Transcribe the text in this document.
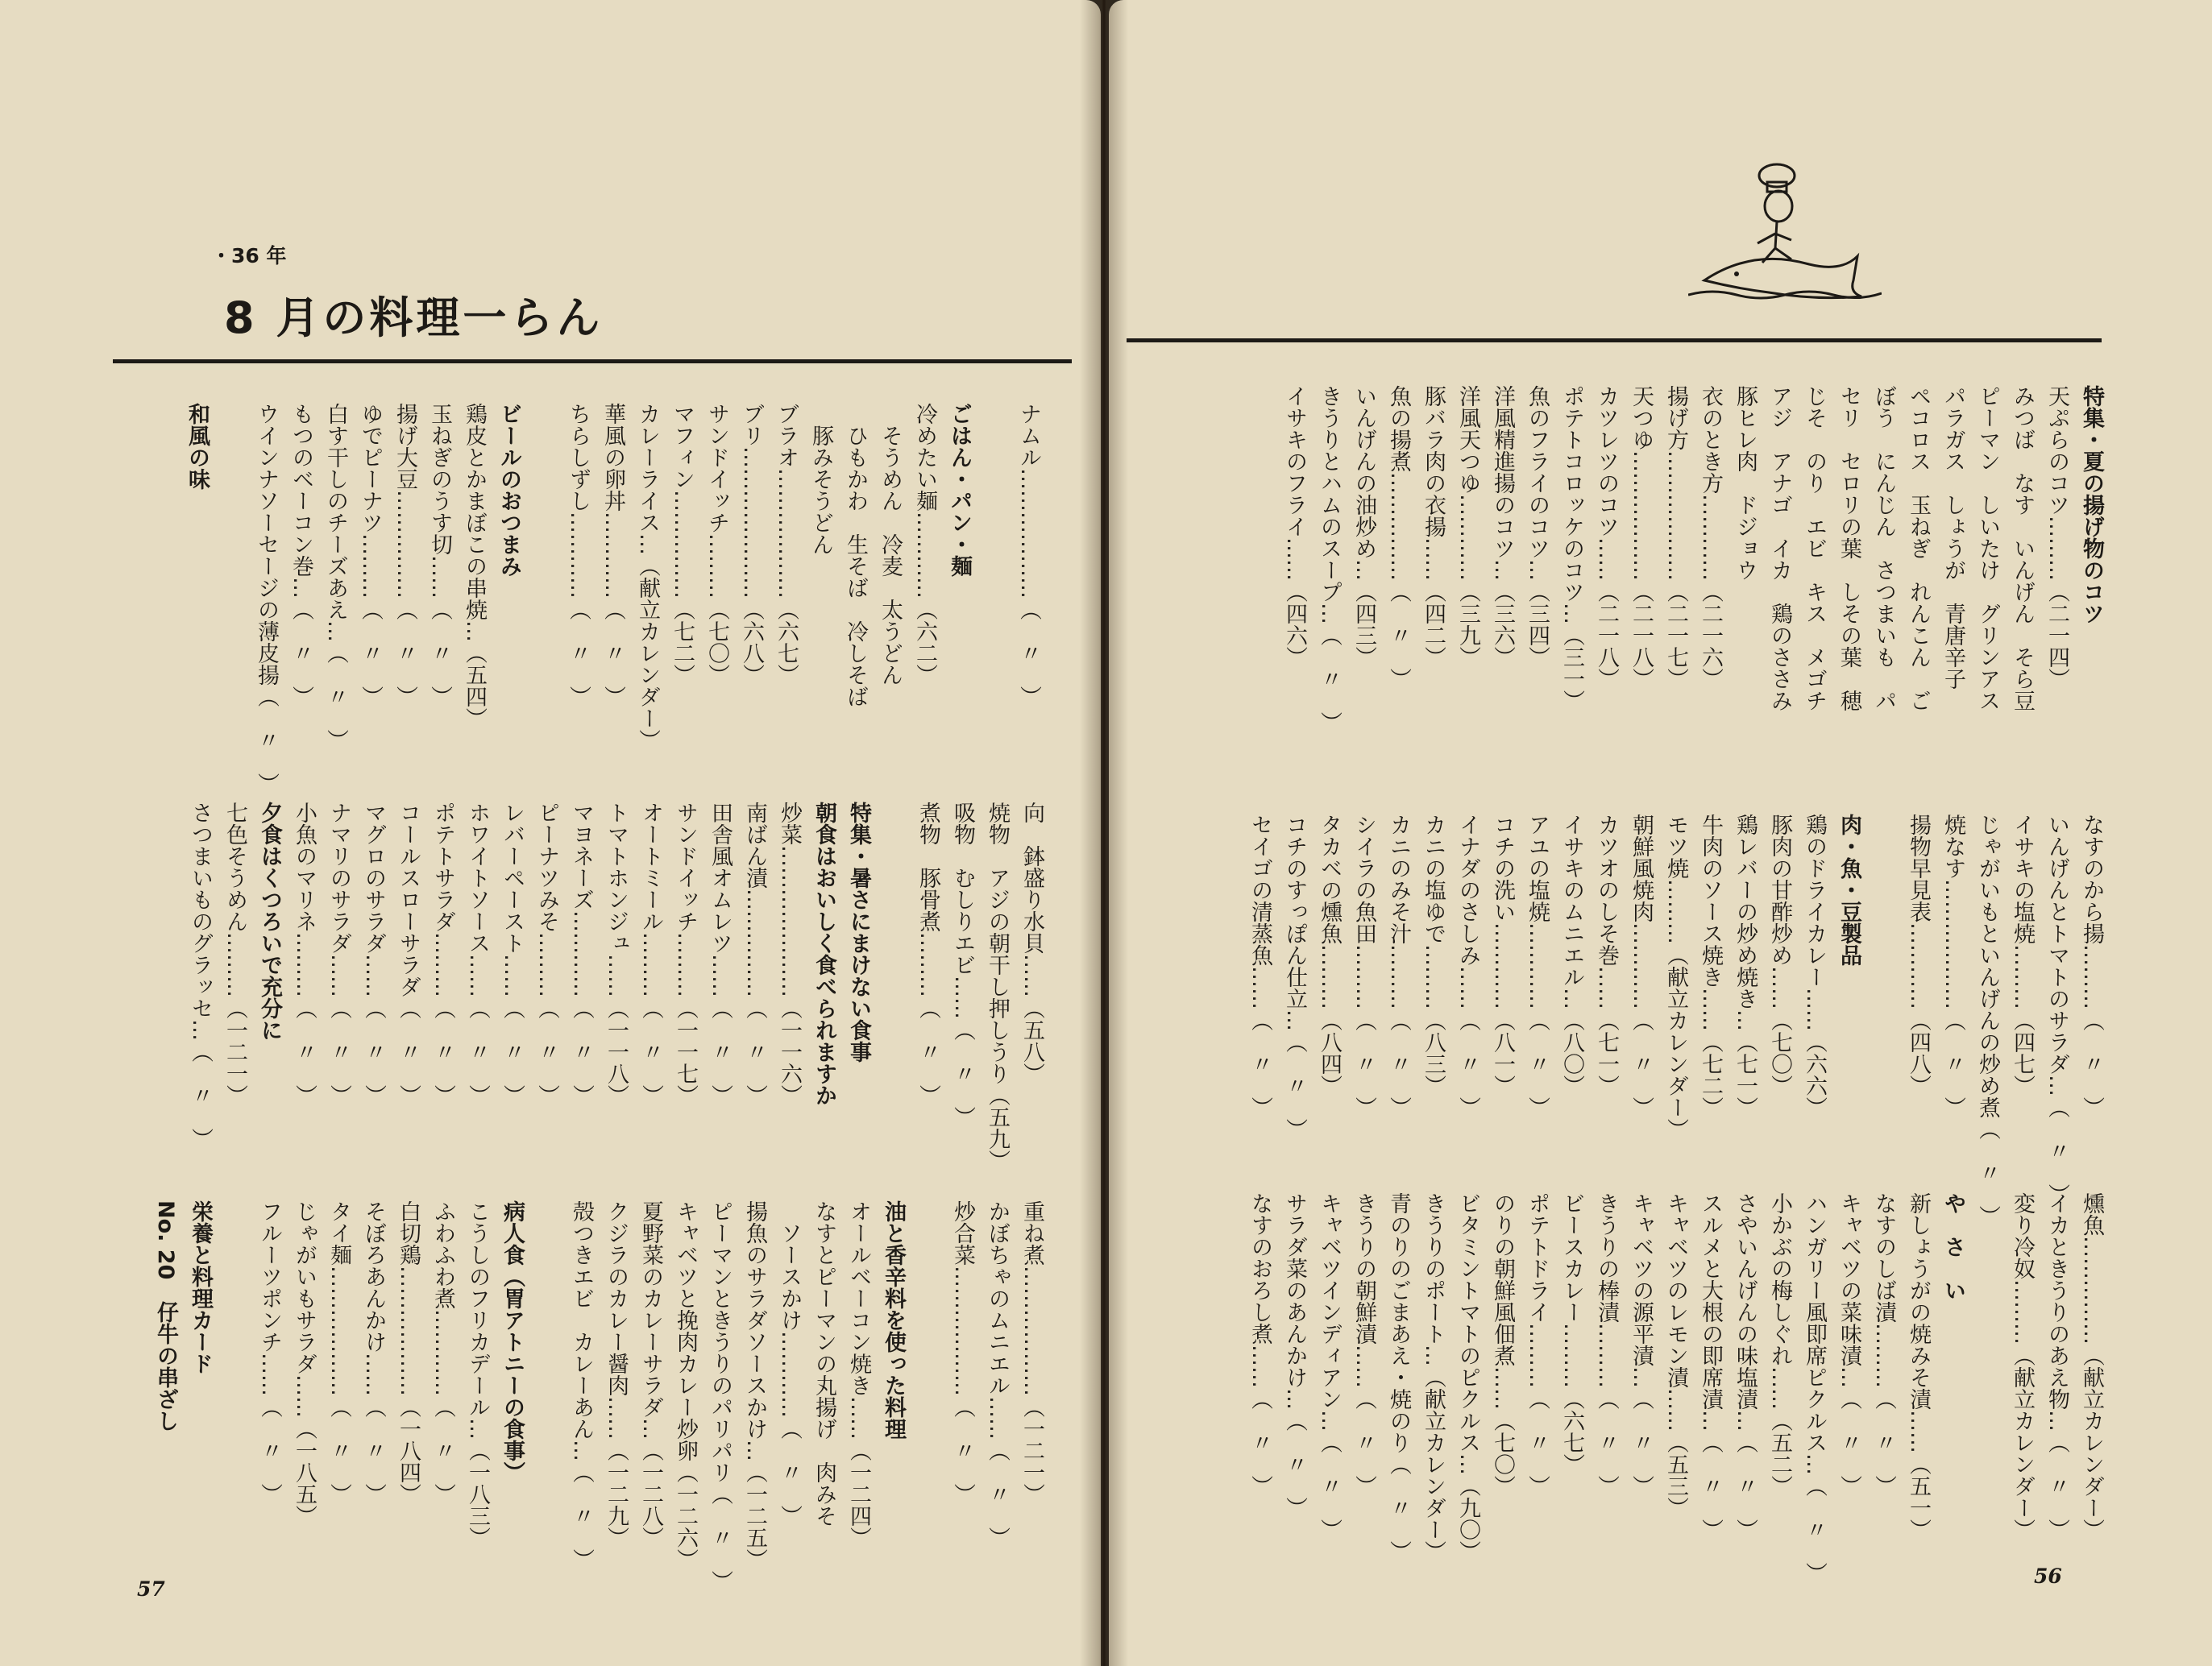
・36 年
8 月の料理一らん
ナムル………………（　〃　）

ごはん・パン・麺
冷めたい麺…………（六二）
　そうめん　冷麦　太うどん
　ひもかわ　生そば　冷しそば
　豚みそうどん
ブラオ………………（六七）
ブリ…………………（六八）
サンドイッチ………（七〇）
マフィン……………（七二）
カレーライス…（献立カレンダー）
華風の卵丼…………（　〃　）
ちらしずし…………（　〃　）

ビールのおつまみ
鶏皮とかまぼこの串焼…（五四）
玉ねぎのうす切……（　〃　）
揚げ大豆……………（　〃　）
ゆでピーナツ………（　〃　）
白す干しのチーズあえ…（　〃　）
もつのベーコン巻…（　〃　）
ウインナソーセージの薄皮揚（　〃　）

和風の味
向　鉢盛り水貝……（五八）
焼物　アジの朝干し押しうり（五九）
吸物　むしりエビ……（　〃　）
煮物　豚骨煮………（　〃　）

特集・暑さにまけない食事
朝食はおいしく食べられますか
炒菜…………………（一一六）
南ばん漬……………（　〃　）
田舎風オムレツ……（　〃　）
サンドイッチ………（一一七）
オートミール………（　〃　）
トマトホンジュ……（一一八）
マヨネーズ…………（　〃　）
ピーナツみそ………（　〃　）
レバーペースト……（　〃　）
ホワイトソース……（　〃　）
ポテトサラダ………（　〃　）
コールスローサラダ（　〃　）
マグロのサラダ……（　〃　）
ナマリのサラダ……（　〃　）
小魚のマリネ………（　〃　）
夕食はくつろいで充分に
七色そうめん………（一二一）
さつまいものグラッセ…（　〃　）
重ね煮………………（一二一）
かぼちゃのムニエル……（　〃　）
炒合菜………………（　〃　）

油と香辛料を使った料理
オールベーコン焼き……（一二四）
なすとピーマンの丸揚げ　肉みそ
　ソースかけ…………（　〃　）
揚魚のサラダソースかけ…（一二五）
ピーマンときうりのパリパリ（　〃　）
キャベツと挽肉カレー炒卵（一二六）
夏野菜のカレーサラダ…（一二八）
クジラのカレー醤肉……（一二九）
殻つきエビ　カレーあん…（　〃　）

病人食（胃アトニーの食事）
こうしのフリカデール…（一八三）
ふわふわ煮…………（　〃　）
白切鶏………………（一八四）
そぼろあんかけ……（　〃　）
タイ麺………………（　〃　）
じゃがいもサラダ……（一八五）
フルーツポンチ……（　〃　）

栄養と料理カード
No. 20　仔牛の串ざし
57
特集・夏の揚げ物のコツ
天ぷらのコツ………（二一四）
みつば　なす　いんげん　そら豆
ピーマン　しいたけ　グリンアス
パラガス　しょうが　青唐辛子
ペコロス　玉ねぎ　れんこん　ご
ぼう　にんじん　さつまいも　パ
セリ　セロリの葉　しその葉　穂
じそ　のり　エビ　キス　メゴチ
アジ　アナゴ　イカ　鶏のささみ
豚ヒレ肉　ドジョウ
衣のとき方…………（二一六）
揚げ方………………（二一七）
天つゆ………………（二一八）
カツレツのコツ……（二一八）
ポテトコロッケのコツ…（三一）
魚のフライのコツ…（三四）
洋風精進揚のコツ…（三六）
洋風天つゆ…………（三九）
豚バラ肉の衣揚……（四二）
魚の揚煮……………（　〃　）
いんげんの油炒め…（四三）
きうりとハムのスープ…（　〃　）
イサキのフライ……（四六）
なすのから揚………（　〃　）
いんげんとトマトのサラダ…（　〃　）
イサキの塩焼………（四七）
じゃがいもといんげんの炒め煮（　〃　）
焼なす………………（　〃　）
揚物早見表…………（四八）

肉・魚・豆製品
鶏のドライカレー……（六六）
豚肉の甘酢炒め……（七〇）
鶏レバーの炒め焼き…（七一）
牛肉のソース焼き……（七二）
モツ焼………（献立カレンダー）
朝鮮風焼肉…………（　〃　）
カツオのしそ巻……（七一）
イサキのムニエル…（八〇）
アユの塩焼…………（　〃　）
コチの洗い…………（八一）
イナダのさしみ……（　〃　）
カニの塩ゆで………（八三）
カニのみそ汁………（　〃　）
シイラの魚田………（　〃　）
タカベの燻魚………（八四）
コチのすっぽん仕立…（　〃　）
セイゴの清蒸魚……（　〃　）
燻魚……………（献立カレンダー）
イカときうりのあえ物…（　〃　）
変り冷奴………（献立カレンダー）

や　さ　い
新しょうがの焼みそ漬……（五一）
なすのしば漬………（　〃　）
キャベツの菜味漬…（　〃　）
ハンガリー風即席ピクルス…（　〃　）
小かぶの梅しぐれ……（五二）
さやいんげんの味塩漬…（　〃　）
スルメと大根の即席漬…（　〃　）
キャベツのレモン漬……（五三）
キャベツの源平漬…（　〃　）
きうりの棒漬………（　〃　）
ビースカレー………（六七）
ポテトドライ………（　〃　）
のりの朝鮮風佃煮……（七〇）
ビタミントマトのピクルス…（九〇）
きうりのポート…（献立カレンダー）
青のりのごまあえ・焼のり（　〃　）
きうりの朝鮮漬……（　〃　）
キャベツインディアン…（　〃　）
サラダ菜のあんかけ…（　〃　）
なすのおろし煮……（　〃　）
56
